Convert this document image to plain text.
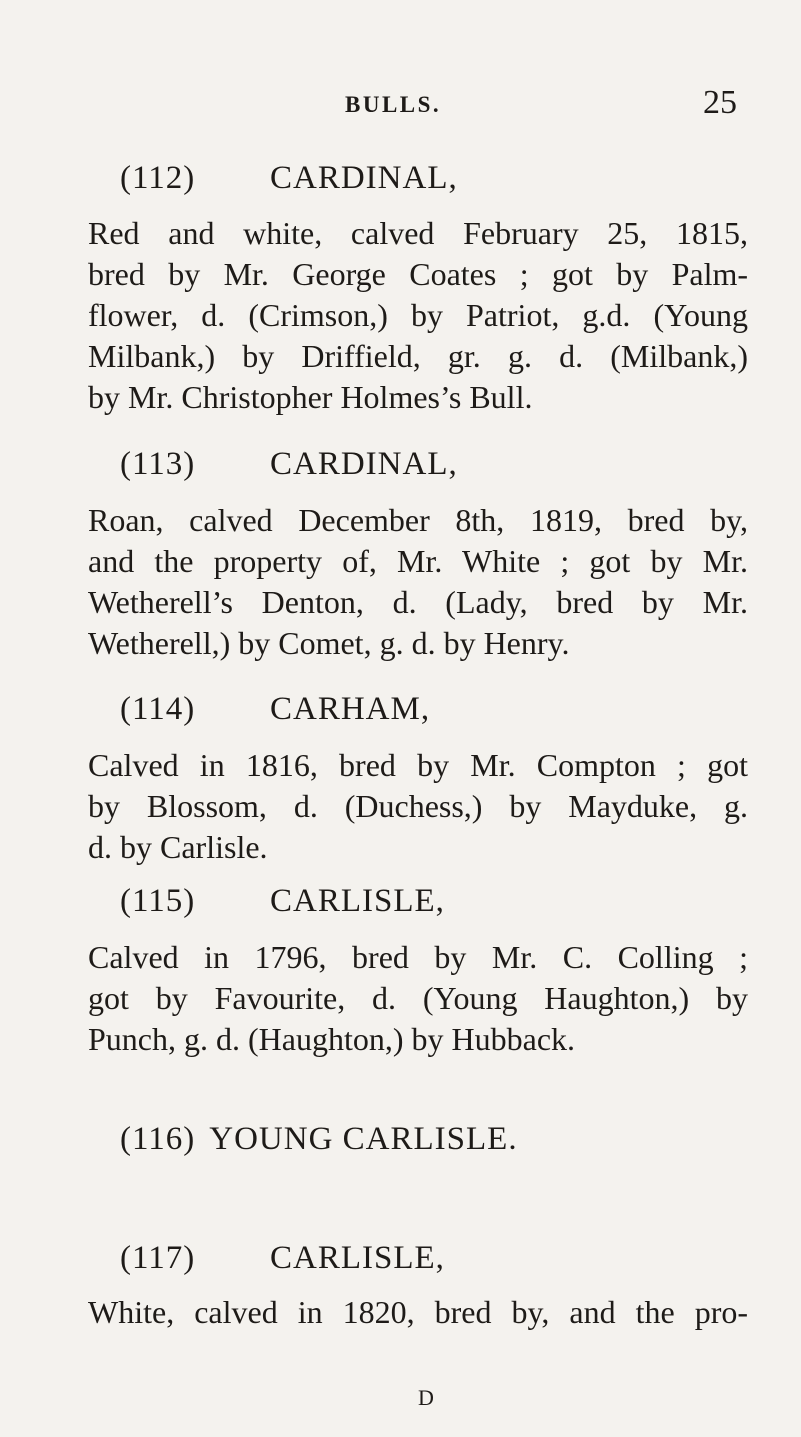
BULLS.	25
(112) CARDINAL,
Red and white, calved February 25, 1815,
bred by Mr. George Coates ; got by Palm-
flower, d. (Crimson,) by Patriot, g.d. (Young
Milbank,) by Driffield, gr. g. d. (Milbank,)
by Mr. Christopher Holmes’s Bull.
(113) CARDINAL,
Roan, calved December 8th, 1819, bred by,
and the property of, Mr. White ; got by Mr.
Wetherell’s Denton, d. (Lady, bred by Mr.
Wetherell,) by Comet, g. d. by Henry.
(114) CARHAM,
Calved in 1816, bred by Mr. Compton ; got
by Blossom, d. (Duchess,) by Mayduke, g.
d. by Carlisle.
(115) CARLISLE,
Calved in 1796, bred by Mr. C. Colling ;
got by Favourite, d. (Young Haughton,) by
Punch, g. d. (Haughton,) by Hubback.
(116) YOUNG CARLISLE.
(117) CARLISLE,
White, calved in 1820, bred by, and the pro-
D
